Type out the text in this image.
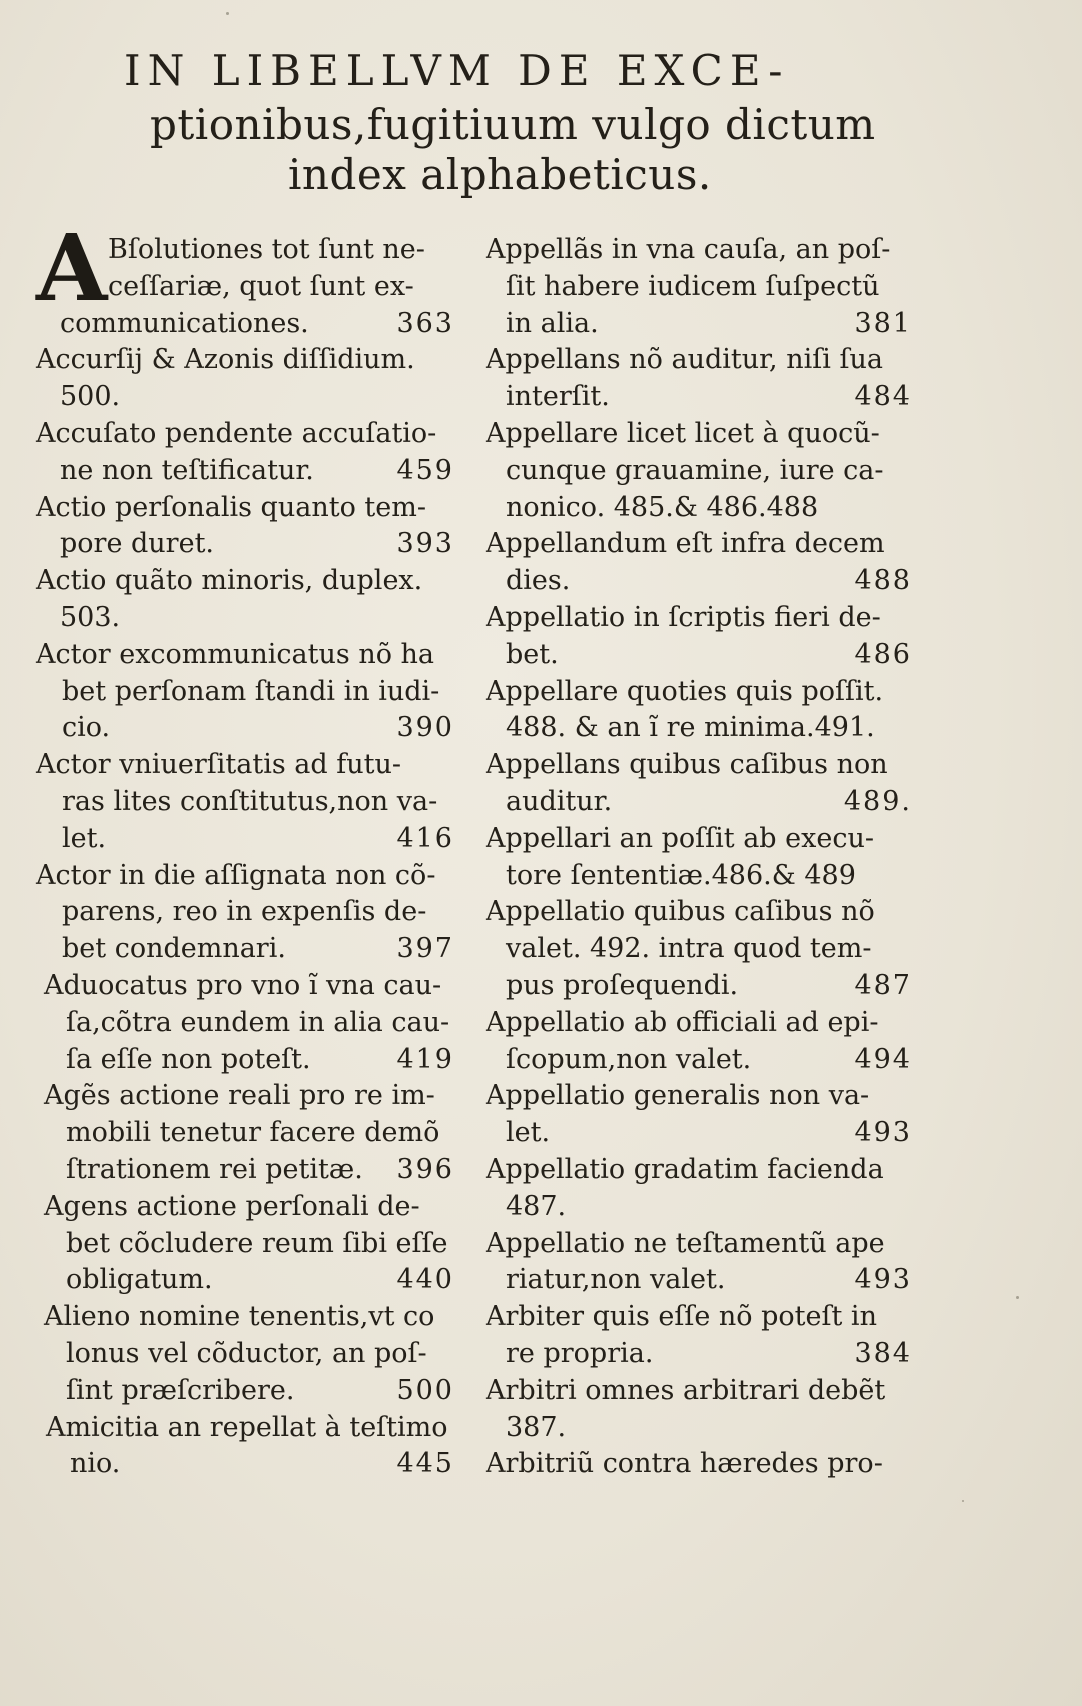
IN LIBELLVM DE EXCE-
ptionibus,fugitiuum vulgo dictum
index alphabeticus.
A Bſolutiones tot ſunt ne-
ceſſariæ, quot ſunt ex-
communicationes.	363
Accurſij & Azonis diſſidium.
500.
Accuſato pendente accuſatio-
ne non teſtificatur.	459
Actio perſonalis quanto tem-
pore duret.	393
Actio quãto minoris, duplex.
503.
Actor excommunicatus nõ ha
bet perſonam ſtandi in iudi-
cio.	390
Actor vniuerſitatis ad futu-
ras lites conſtitutus,non va-
let.	416
Actor in die aſſignata non cõ-
parens, reo in expenſis de-
bet condemnari.	397
Aduocatus pro vno ĩ vna cau-
ſa,cõtra eundem in alia cau-
ſa eſſe non poteſt.	419
Agẽs actione reali pro re im-
mobili tenetur facere demõ
ſtrationem rei petitæ. 396
Agens actione perſonali de-
bet cõcludere reum ſibi eſſe
obligatum.	440
Alieno nomine tenentis,vt co
lonus vel cõductor, an poſ-
ſint præſcribere.	500
Amicitia an repellat à teſtimo
nio.	445
Appellãs in vna cauſa, an poſ-
ſit habere iudicem ſuſpectũ
in alia.	381
Appellans nõ auditur, niſi ſua
interſit.	484
Appellare licet licet à quocũ-
cunque grauamine, iure ca-
nonico. 485.& 486.488
Appellandum eſt infra decem
dies.	488
Appellatio in ſcriptis fieri de-
bet.	486
Appellare quoties quis poſſit.
488. & an ĩ re minima.491.
Appellans quibus caſibus non
auditur.	489.
Appellari an poſſit ab execu-
tore ſententiæ.486.& 489
Appellatio quibus caſibus nõ
valet. 492. intra quod tem-
pus proſequendi.	487
Appellatio ab officiali ad epi-
ſcopum,non valet.	494
Appellatio generalis non va-
let.	493
Appellatio gradatim facienda
487.
Appellatio ne teſtamentũ ape
riatur,non valet.	493
Arbiter quis eſſe nõ poteſt in
re propria.	384
Arbitri omnes arbitrari debẽt
387.
Arbitriũ contra hæredes pro-
